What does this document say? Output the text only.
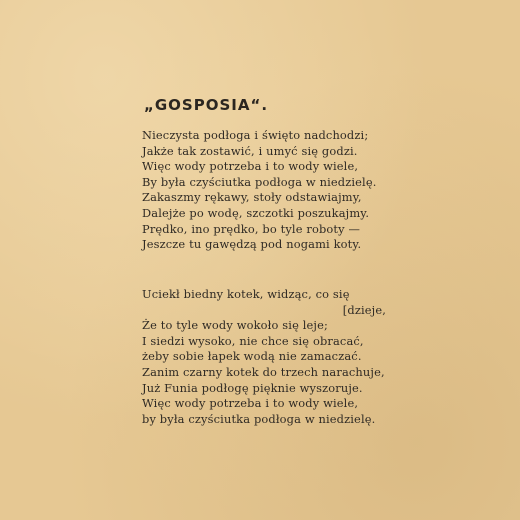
„GOSPOSIA“.
Nieczysta podłoga i święto nadchodzi;
Jakże tak zostawić, i umyć się godzi.
Więc wody potrzeba i to wody wiele,
By była czyściutka podłoga w niedzielę.
Zakaszmy rękawy, stoły odstawiajmy,
Dalejże po wodę, szczotki poszukajmy.
Prędko, ino prędko, bo tyle roboty —
Jeszcze tu gawędzą pod nogami koty.
Uciekł biedny kotek, widząc, co się
[dzieje,
Że to tyle wody wokoło się leje;
I siedzi wysoko, nie chce się obracać,
żeby sobie łapek wodą nie zamaczać.
Zanim czarny kotek do trzech narachuje,
Już Funia podłogę pięknie wyszoruje.
Więc wody potrzeba i to wody wiele,
by była czyściutka podłoga w niedzielę.
